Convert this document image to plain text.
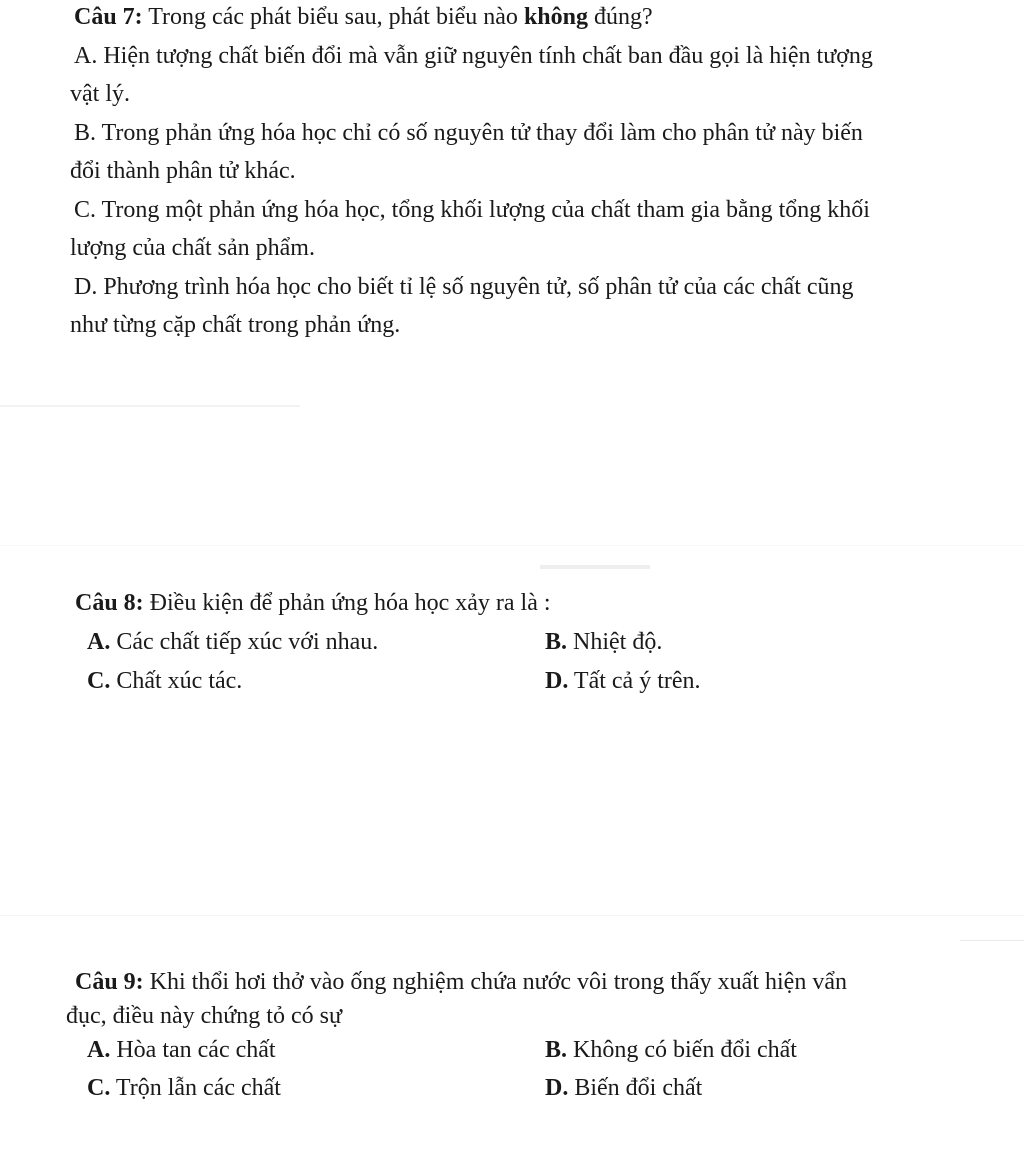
Câu 7: Trong các phát biểu sau, phát biểu nào không đúng?
A. Hiện tượng chất biến đổi mà vẫn giữ nguyên tính chất ban đầu gọi là hiện tượng
vật lý.
B. Trong phản ứng hóa học chỉ có số nguyên tử thay đổi làm cho phân tử này biến
đổi thành phân tử khác.
C. Trong một phản ứng hóa học, tổng khối lượng của chất tham gia bằng tổng khối
lượng của chất sản phẩm.
D. Phương trình hóa học cho biết tỉ lệ số nguyên tử, số phân tử của các chất cũng
như từng cặp chất trong phản ứng.
Câu 8: Điều kiện để phản ứng hóa học xảy ra là :
A. Các chất tiếp xúc với nhau.	B. Nhiệt độ.
C. Chất xúc tác.	D. Tất cả ý trên.
Câu 9: Khi thổi hơi thở vào ống nghiệm chứa nước vôi trong thấy xuất hiện vẩn
đục, điều này chứng tỏ có sự
A. Hòa tan các chất	B. Không có biến đổi chất
C. Trộn lẫn các chất	D. Biến đổi chất
